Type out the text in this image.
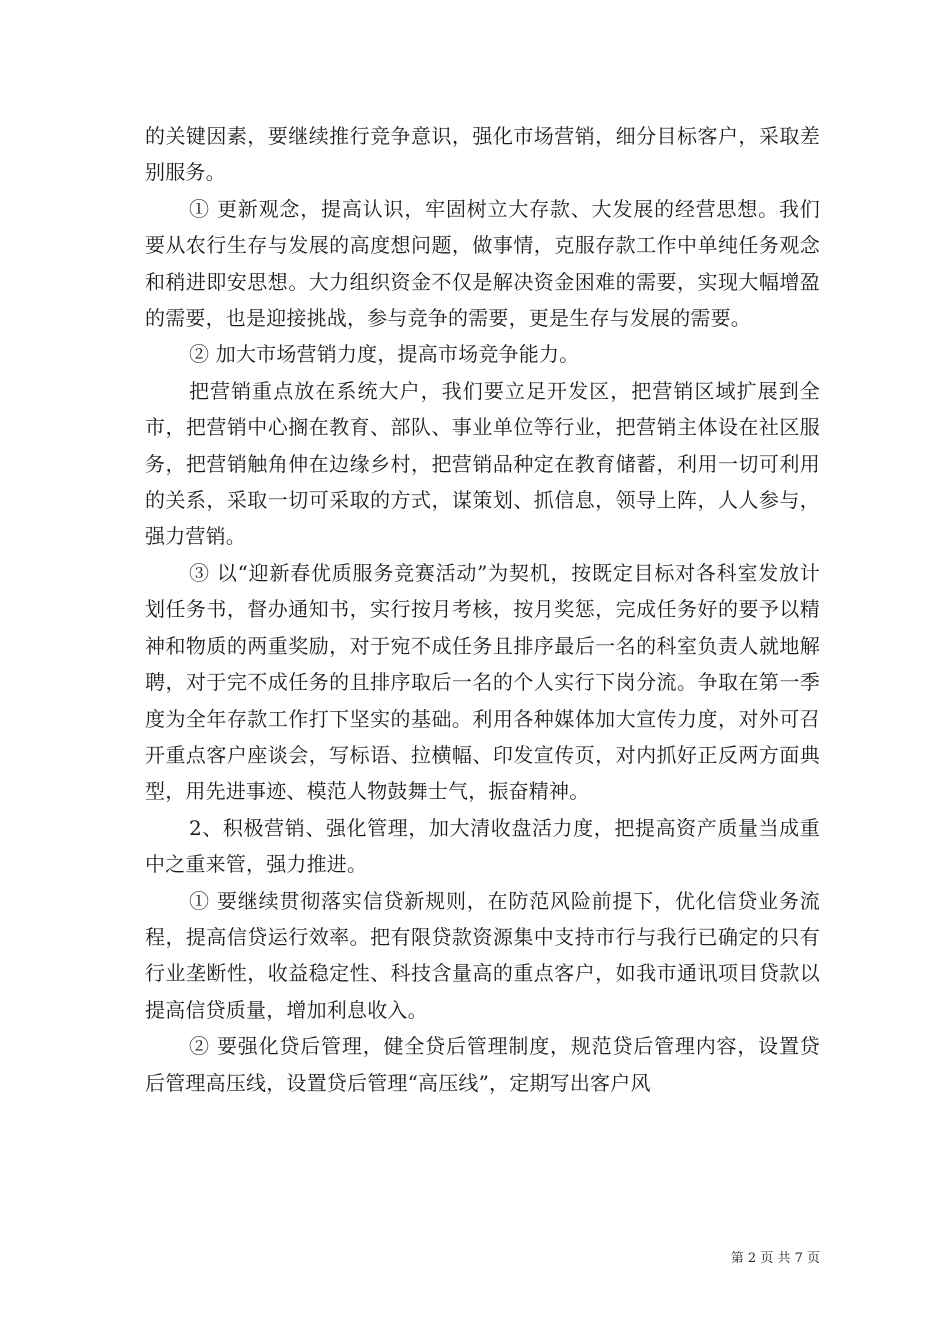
的关键因素，要继续推行竞争意识，强化市场营销，细分目标客户，采取差别服务。

① 更新观念，提高认识，牢固树立大存款、大发展的经营思想。我们要从农行生存与发展的高度想问题，做事情，克服存款工作中单纯任务观念和稍进即安思想。大力组织资金不仅是解决资金困难的需要，实现大幅增盈的需要，也是迎接挑战，参与竞争的需要，更是生存与发展的需要。

② 加大市场营销力度，提高市场竞争能力。

把营销重点放在系统大户，我们要立足开发区，把营销区域扩展到全市，把营销中心搁在教育、部队、事业单位等行业，把营销主体设在社区服务，把营销触角伸在边缘乡村，把营销品种定在教育储蓄，利用一切可利用的关系，采取一切可采取的方式，谋策划、抓信息，领导上阵，人人参与，强力营销。

③ 以“迎新春优质服务竞赛活动”为契机，按既定目标对各科室发放计划任务书，督办通知书，实行按月考核，按月奖惩，完成任务好的要予以精神和物质的两重奖励，对于宛不成任务且排序最后一名的科室负责人就地解聘，对于完不成任务的且排序取后一名的个人实行下岗分流。争取在第一季度为全年存款工作打下坚实的基础。利用各种媒体加大宣传力度，对外可召开重点客户座谈会，写标语、拉横幅、印发宣传页，对内抓好正反两方面典型，用先进事迹、模范人物鼓舞士气，振奋精神。

2、积极营销、强化管理，加大清收盘活力度，把提高资产质量当成重中之重来管，强力推进。

① 要继续贯彻落实信贷新规则，在防范风险前提下，优化信贷业务流程，提高信贷运行效率。把有限贷款资源集中支持市行与我行已确定的只有行业垄断性，收益稳定性、科技含量高的重点客户，如我市通讯项目贷款以提高信贷质量，增加利息收入。

② 要强化贷后管理，健全贷后管理制度，规范贷后管理内容，设置贷后管理高压线，设置贷后管理“高压线”，定期写出客户风

第 2 页 共 7 页
